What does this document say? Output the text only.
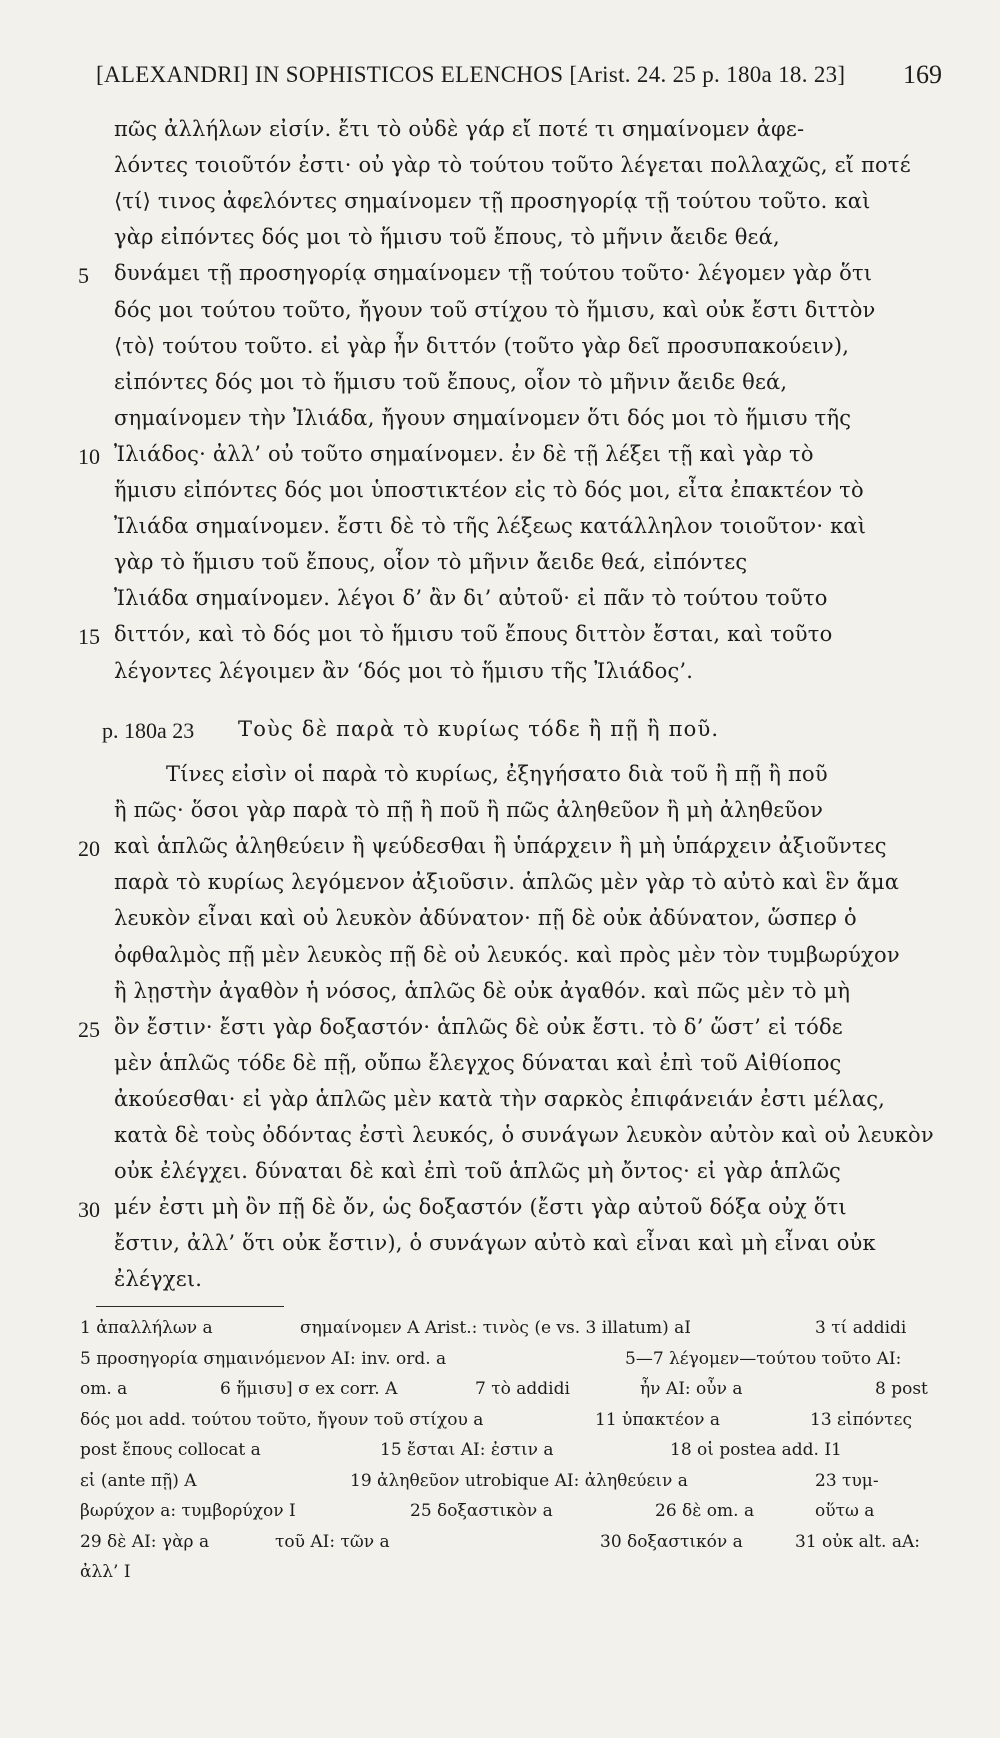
[ALEXANDRI] IN SOPHISTICOS ELENCHOS [Arist. 24. 25 p. 180a 18. 23] 169
πῶς ἀλλήλων εἰσίν. ἔτι τὸ οὐδὲ γάρ εἴ ποτέ τι σημαίνομεν ἀφε-
λόντες τοιοῦτόν ἐστι· οὐ γὰρ τὸ τούτου τοῦτο λέγεται πολλαχῶς, εἴ ποτέ
⟨τί⟩ τινος ἀφελόντες σημαίνομεν τῇ προσηγορίᾳ τῇ τούτου τοῦτο. καὶ
γὰρ εἰπόντες δός μοι τὸ ἥμισυ τοῦ ἔπους, τὸ μῆνιν ἄειδε θεά,
5	δυνάμει τῇ προσηγορίᾳ σημαίνομεν τῇ τούτου τοῦτο· λέγομεν γὰρ ὅτι
δός μοι τούτου τοῦτο, ἤγουν τοῦ στίχου τὸ ἥμισυ, καὶ οὐκ ἔστι διττὸν
⟨τὸ⟩ τούτου τοῦτο. εἰ γὰρ ἦν διττόν (τοῦτο γὰρ δεῖ προσυπακούειν),
εἰπόντες δός μοι τὸ ἥμισυ τοῦ ἔπους, οἷον τὸ μῆνιν ἄειδε θεά,
σημαίνομεν τὴν Ἰλιάδα, ἤγουν σημαίνομεν ὅτι δός μοι τὸ ἥμισυ τῆς
10 Ἰλιάδος· ἀλλ’ οὐ τοῦτο σημαίνομεν. ἐν δὲ τῇ λέξει τῇ καὶ γὰρ τὸ
ἥμισυ εἰπόντες δός μοι ὑποστικτέον εἰς τὸ δός μοι, εἶτα ἐπακτέον τὸ
Ἰλιάδα σημαίνομεν. ἔστι δὲ τὸ τῆς λέξεως κατάλληλον τοιοῦτον· καὶ
γὰρ τὸ ἥμισυ τοῦ ἔπους, οἷον τὸ μῆνιν ἄειδε θεά, εἰπόντες
Ἰλιάδα σημαίνομεν. λέγοι δ’ ἂν δι’ αὐτοῦ· εἰ πᾶν τὸ τούτου τοῦτο
15 διττόν, καὶ τὸ δός μοι τὸ ἥμισυ τοῦ ἔπους διττὸν ἔσται, καὶ τοῦτο
λέγοντες λέγοιμεν ἂν ‘δός μοι τὸ ἥμισυ τῆς Ἰλιάδος’.
p. 180a 23 Τοὺς δὲ παρὰ τὸ κυρίως τόδε ἢ πῇ ἢ ποῦ.
Τίνες εἰσὶν οἱ παρὰ τὸ κυρίως, ἐξηγήσατο διὰ τοῦ ἢ πῇ ἢ ποῦ
ἢ πῶς· ὅσοι γὰρ παρὰ τὸ πῇ ἢ ποῦ ἢ πῶς ἀληθεῦον ἢ μὴ ἀληθεῦον
20 καὶ ἁπλῶς ἀληθεύειν ἢ ψεύδεσθαι ἢ ὑπάρχειν ἢ μὴ ὑπάρχειν ἀξιοῦντες
παρὰ τὸ κυρίως λεγόμενον ἀξιοῦσιν. ἁπλῶς μὲν γὰρ τὸ αὐτὸ καὶ ἓν ἅμα
λευκὸν εἶναι καὶ οὐ λευκὸν ἀδύνατον· πῇ δὲ οὐκ ἀδύνατον, ὥσπερ ὁ
ὀφθαλμὸς πῇ μὲν λευκὸς πῇ δὲ οὐ λευκός. καὶ πρὸς μὲν τὸν τυμβωρύχον
ἢ λῃστὴν ἀγαθὸν ἡ νόσος, ἁπλῶς δὲ οὐκ ἀγαθόν. καὶ πῶς μὲν τὸ μὴ
25 ὂν ἔστιν· ἔστι γὰρ δοξαστόν· ἁπλῶς δὲ οὐκ ἔστι. τὸ δ’ ὥστ’ εἰ τόδε
μὲν ἁπλῶς τόδε δὲ πῇ, οὔπω ἔλεγχος δύναται καὶ ἐπὶ τοῦ Αἰθίοπος
ἀκούεσθαι· εἰ γὰρ ἁπλῶς μὲν κατὰ τὴν σαρκὸς ἐπιφάνειάν ἐστι μέλας,
κατὰ δὲ τοὺς ὀδόντας ἐστὶ λευκός, ὁ συνάγων λευκὸν αὐτὸν καὶ οὐ λευκὸν
οὐκ ἐλέγχει. δύναται δὲ καὶ ἐπὶ τοῦ ἁπλῶς μὴ ὄντος· εἰ γὰρ ἁπλῶς
30 μέν ἐστι μὴ ὂν πῇ δὲ ὄν, ὡς δοξαστόν (ἔστι γὰρ αὐτοῦ δόξα οὐχ ὅτι
ἔστιν, ἀλλ’ ὅτι οὐκ ἔστιν), ὁ συνάγων αὐτὸ καὶ εἶναι καὶ μὴ εἶναι οὐκ
ἐλέγχει.
1 ἀπαλλήλων a	σημαίνομεν A Arist.: τινὸς (e vs. 3 illatum) aI	3 τί addidi
5 προσηγορία σημαινόμενον AI: inv. ord. a	5—7 λέγομεν—τούτου τοῦτο AI:
om. a	6 ἥμισυ] σ ex corr. A	7 τὸ addidi	ἦν AI: οὖν a	8 post
δός μοι add. τούτου τοῦτο, ἤγουν τοῦ στίχου a	11 ὑπακτέον a	13 εἰπόντες
post ἔπους collocat a	15 ἔσται AI: ἐστιν a	18 οἱ postea add. I1
εἰ (ante πῇ) A	19 ἀληθεῦον utrobique AI: ἀληθεύειν a	23 τυμ-
βωρύχον a: τυμβορύχον I	25 δοξαστικὸν a	26 δὲ om. a	οὕτω a
29 δὲ AI: γὰρ a	τοῦ AI: τῶν a	30 δοξαστικόν a	31 οὐκ alt. aA:
ἀλλ’ I
